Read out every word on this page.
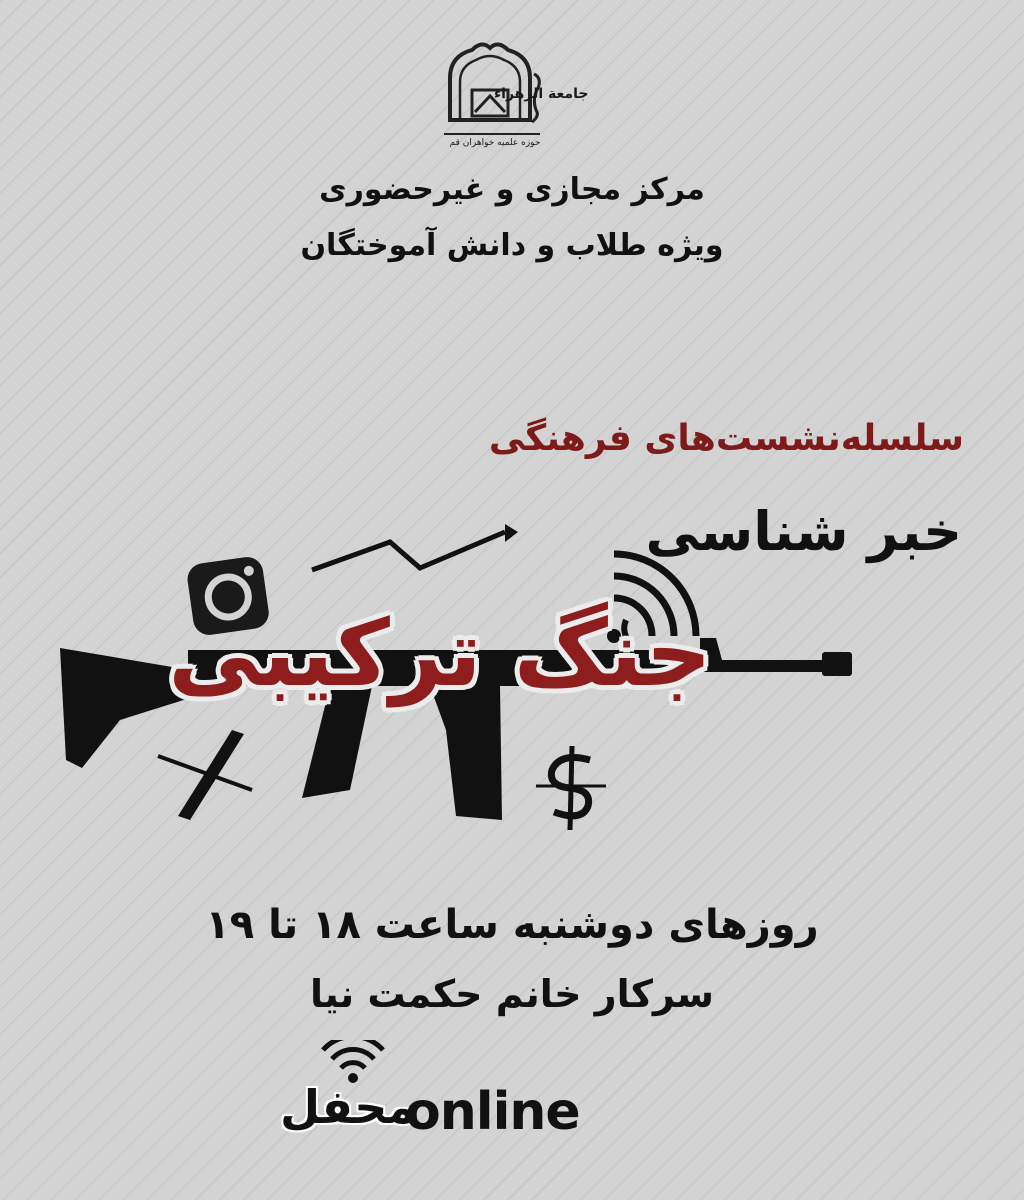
جامعة الزهراء
حوزه علمیه خواهران قم
مرکز مجازی و غیرحضوری
ویژه طلاب و دانش آموختگان
سلسله‌نشست‌های فرهنگی
خبر شناسی
جنگ ترکیبی
روزهای دوشنبه ساعت ۱۸ تا ۱۹
سرکار خانم حکمت نیا
محفل
online
